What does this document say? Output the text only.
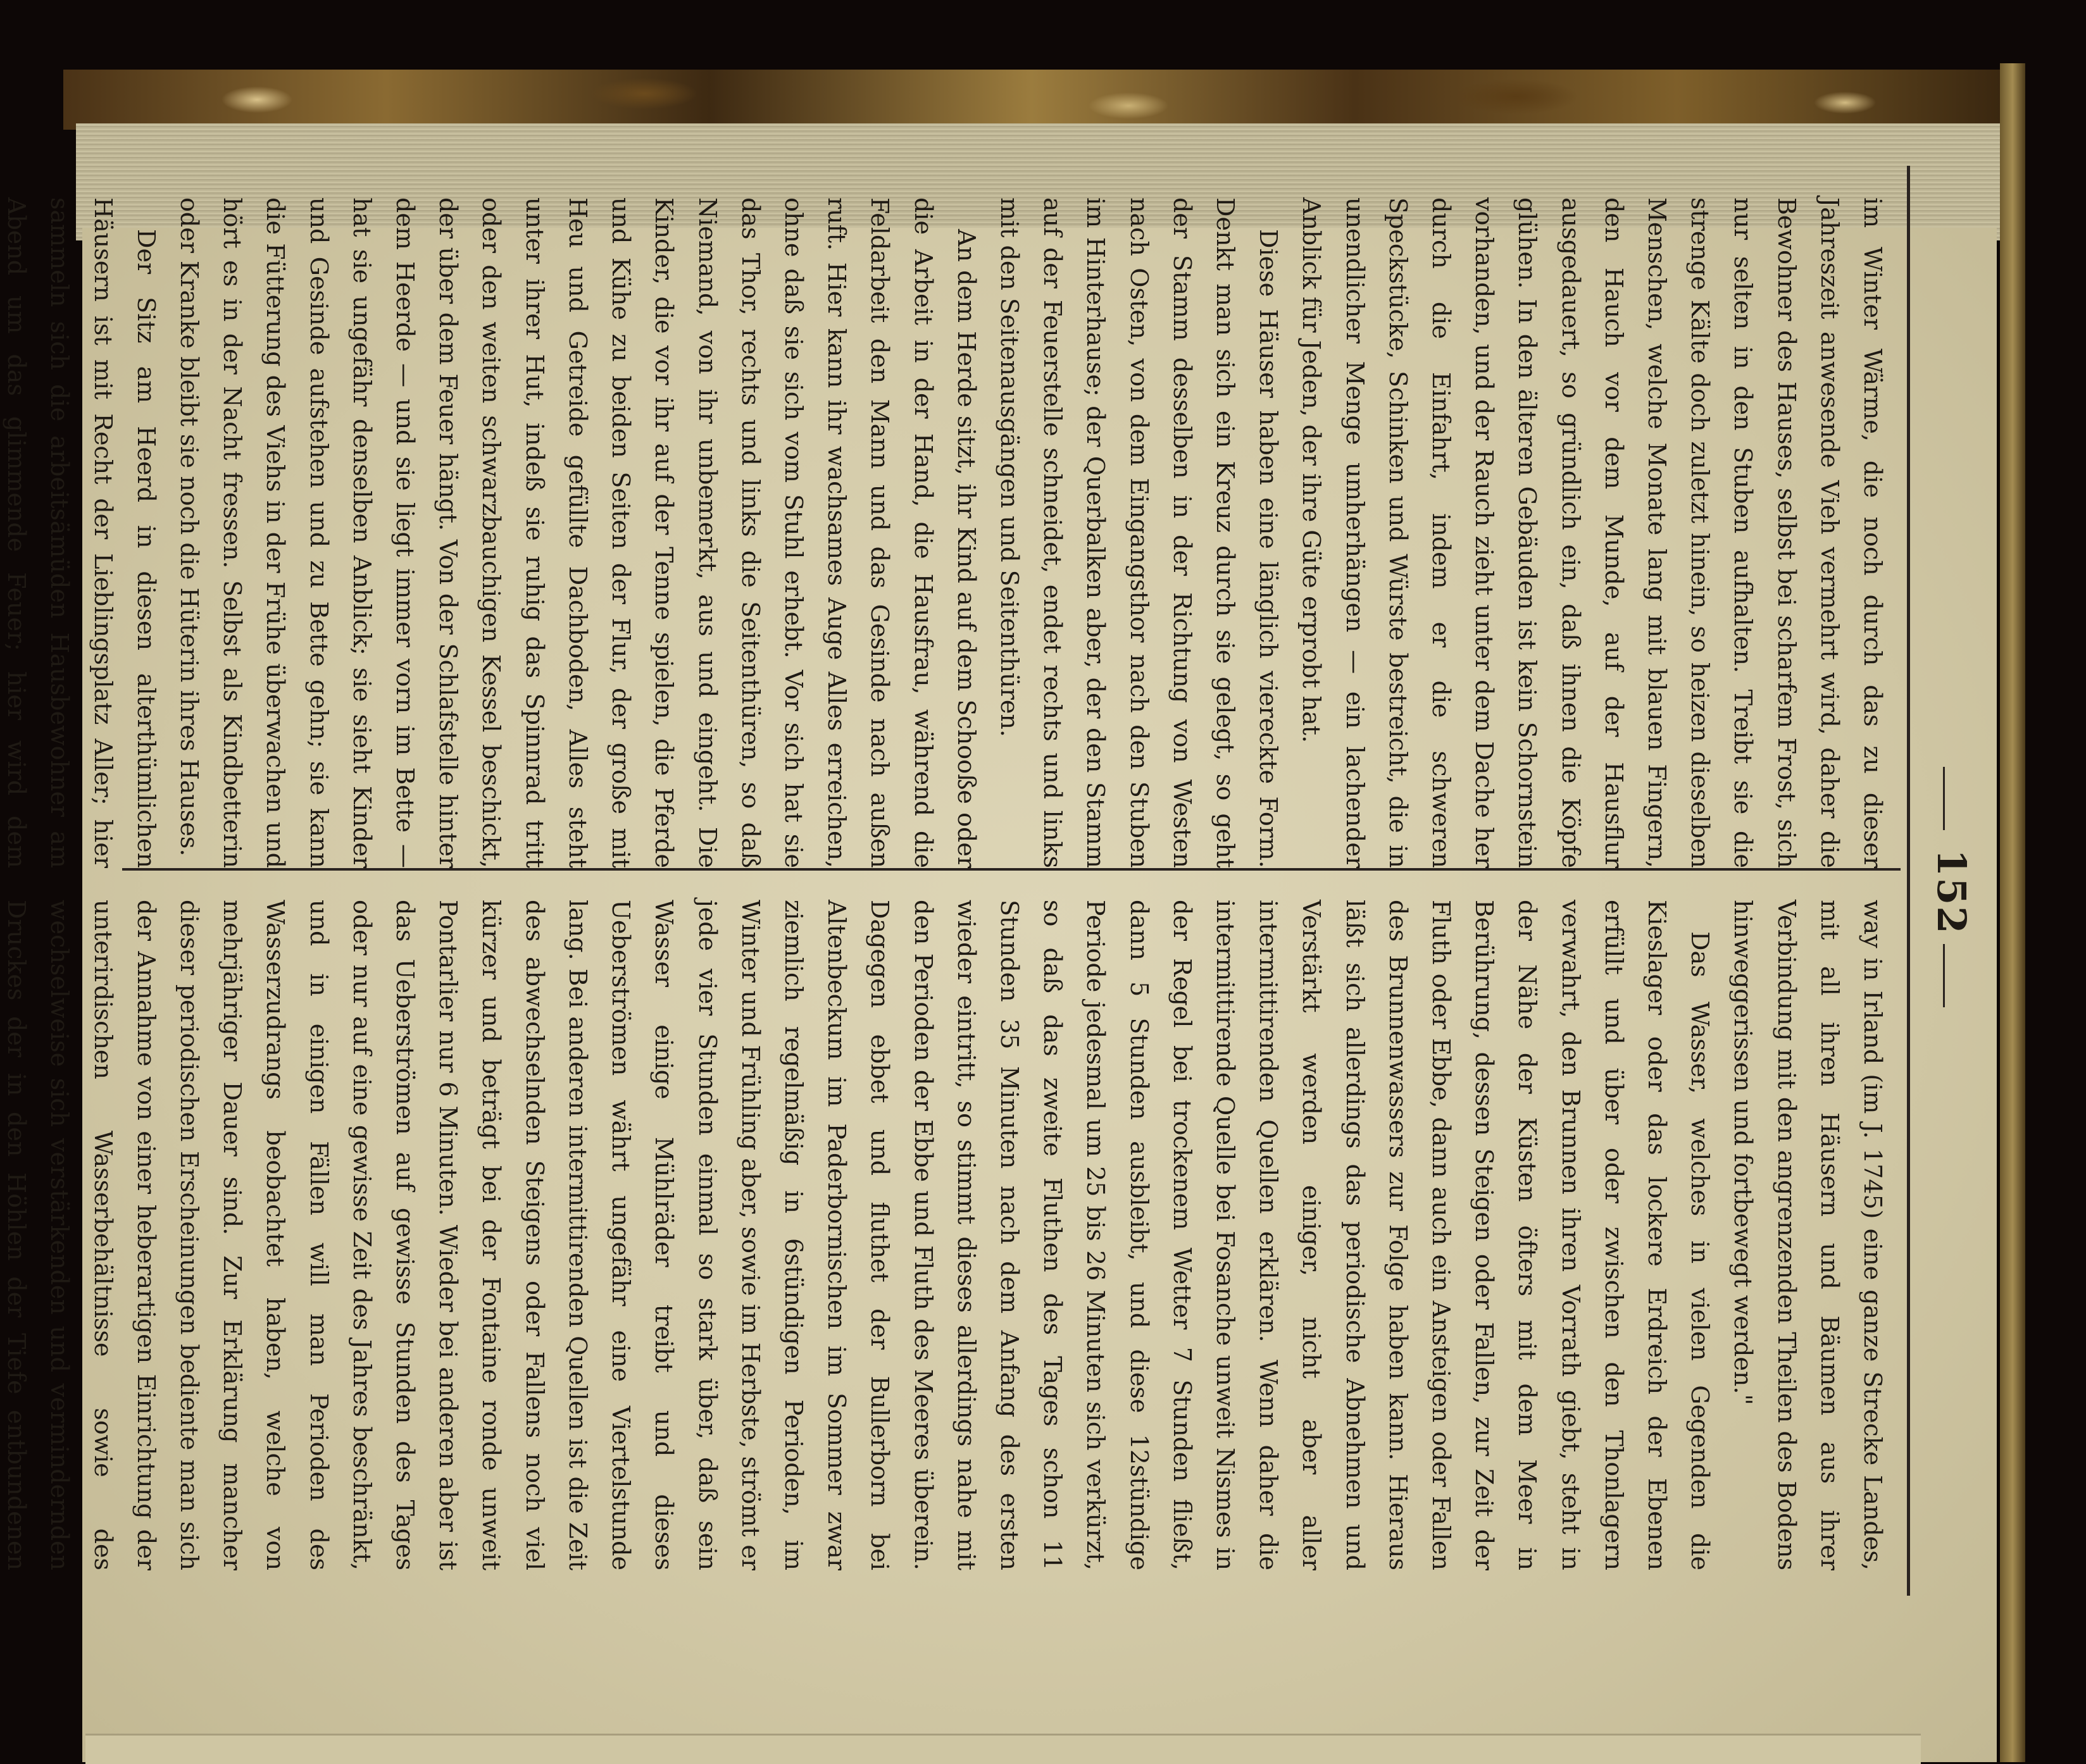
152

im Winter Wärme, die noch durch das zu dieser Jahreszeit anwesende Vieh vermehrt wird, daher die Bewohner des Hauses, selbst bei scharfem Frost, sich nur selten in den Stuben aufhalten. Treibt sie die strenge Kälte doch zuletzt hinein, so heizen dieselben Menschen, welche Monate lang mit blauen Fingern, den Hauch vor dem Munde, auf der Hausflur ausgedauert, so gründlich ein, daß ihnen die Köpfe glühen. In den älteren Gebäuden ist kein Schornstein vorhanden, und der Rauch zieht unter dem Dache her durch die Einfahrt, indem er die schweren Speckstücke, Schinken und Würste bestreicht, die in unendlicher Menge umherhängen — ein lachender Anblick für Jeden, der ihre Güte erprobt hat.

Diese Häuser haben eine länglich viereckte Form. Denkt man sich ein Kreuz durch sie gelegt, so geht der Stamm desselben in der Richtung von Westen nach Osten, von dem Eingangsthor nach den Stuben im Hinterhause; der Querbalken aber, der den Stamm auf der Feuerstelle schneidet, endet rechts und links mit den Seitenausgängen und Seitenthüren.

An dem Herde sitzt, ihr Kind auf dem Schooße oder die Arbeit in der Hand, die Hausfrau, während die Feldarbeit den Mann und das Gesinde nach außen ruft. Hier kann ihr wachsames Auge Alles erreichen, ohne daß sie sich vom Stuhl erhebt. Vor sich hat sie das Thor, rechts und links die Seitenthüren, so daß Niemand, von ihr unbemerkt, aus und eingeht. Die Kinder, die vor ihr auf der Tenne spielen, die Pferde und Kühe zu beiden Seiten der Flur, der große mit Heu und Getreide gefüllte Dachboden, Alles steht unter ihrer Hut, indeß sie ruhig das Spinnrad tritt oder den weiten schwarzbauchigen Kessel beschickt, der über dem Feuer hängt. Von der Schlafstelle hinter dem Heerde — und sie liegt immer vorn im Bette — hat sie ungefähr denselben Anblick; sie sieht Kinder und Gesinde aufstehen und zu Bette gehn; sie kann die Fütterung des Viehs in der Frühe überwachen und hört es in der Nacht fressen. Selbst als Kindbetterin oder Kranke bleibt sie noch die Hüterin ihres Hauses.

Der Sitz am Heerd in diesen alterthümlichen Häusern ist mit Recht der Lieblingsplatz Aller; hier sammeln sich die arbeitsämüden Hausbewohner am Abend um das glimmende Feuer; hier wird dem

way in Irland (im J. 1745) eine ganze Strecke Landes, mit all ihren Häusern und Bäumen aus ihrer Verbindung mit den angrenzenden Theilen des Bodens hinweggerissen und fortbewegt werden."

Das Wasser, welches in vielen Gegenden die Kieslager oder das lockere Erdreich der Ebenen erfüllt und über oder zwischen den Thonlagern verwahrt, den Brunnen ihren Vorrath giebt, steht in der Nähe der Küsten öfters mit dem Meer in Berührung, dessen Steigen oder Fallen, zur Zeit der Fluth oder Ebbe, dann auch ein Ansteigen oder Fallen des Brunnenwassers zur Folge haben kann. Hieraus läßt sich allerdings das periodische Abnehmen und Verstärkt werden einiger, nicht aber aller intermittirenden Quellen erklären. Wenn daher die intermittirende Quelle bei Fosanche unweit Nismes in der Regel bei trockenem Wetter 7 Stunden fließt, dann 5 Stunden ausbleibt, und diese 12stündige Periode jedesmal um 25 bis 26 Minuten sich verkürzt, so daß das zweite Fluthen des Tages schon 11 Stunden 35 Minuten nach dem Anfang des ersten wieder eintritt, so stimmt dieses allerdings nahe mit den Perioden der Ebbe und Fluth des Meeres überein. Dagegen ebbet und fluthet der Bullerborn bei Altenbeckum im Paderbornischen im Sommer zwar ziemlich regelmäßig in 6stündigen Perioden, im Winter und Frühling aber, sowie im Herbste, strömt er jede vier Stunden einmal so stark über, daß sein Wasser einige Mühlräder treibt und dieses Ueberströmen währt ungefähr eine Viertelstunde lang. Bei anderen intermittirenden Quellen ist die Zeit des abwechselnden Steigens oder Fallens noch viel kürzer und beträgt bei der Fontaine ronde unweit Pontarlier nur 6 Minuten. Wieder bei anderen aber ist das Ueberströmen auf gewisse Stunden des Tages oder nur auf eine gewisse Zeit des Jahres beschränkt, und in einigen Fällen will man Perioden des Wasserzudrangs beobachtet haben, welche von mehrjähriger Dauer sind. Zur Erklärung mancher dieser periodischen Erscheinungen bediente man sich der Annahme von einer heberartigen Einrichtung der unterirdischen Wasserbehältnisse sowie des wechselweise sich verstärkenden und vermindernden Druckes der in den Höhlen der Tiefe entbundenen
